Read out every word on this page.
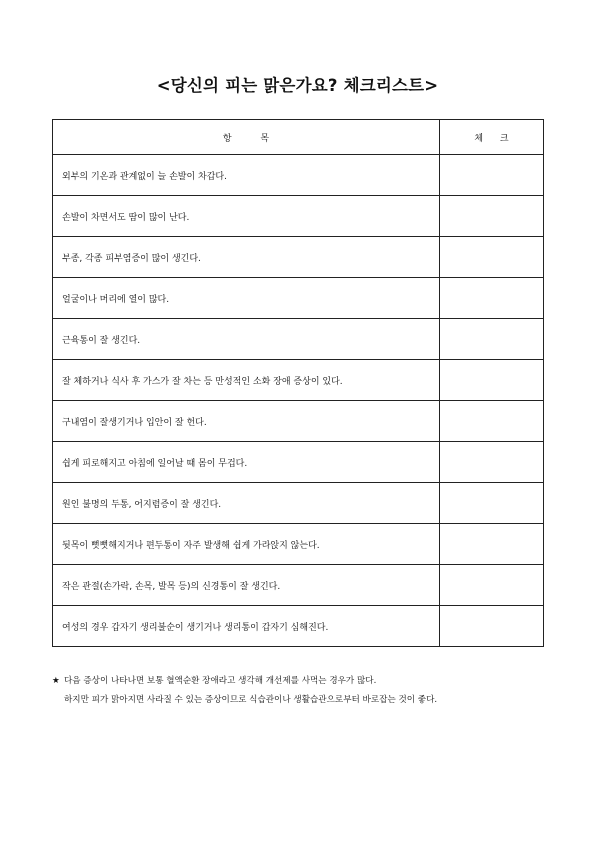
<당신의 피는 맑은가요? 체크리스트>
항 목	체 크
외부의 기온과 관계없이 늘 손발이 차갑다.	
손발이 차면서도 땀이 많이 난다.	
부종, 각종 피부염증이 많이 생긴다.	
얼굴이나 머리에 열이 많다.	
근육통이 잘 생긴다.	
잘 체하거나 식사 후 가스가 잘 차는 등 만성적인 소화 장애 증상이 있다.	
구내염이 잘생기거나 입안이 잘 헌다.	
쉽게 피로해지고 아침에 일어날 때 몸이 무겁다.	
원인 불명의 두통, 어지럼증이 잘 생긴다.	
뒷목이 뻣뻣해지거나 편두통이 자주 발생해 쉽게 가라앉지 않는다.	
작은 관절(손가락, 손목, 발목 등)의 신경통이 잘 생긴다.	
여성의 경우 갑자기 생리불순이 생기거나 생리통이 갑자기 심해진다.	
★ 다음 증상이 나타나면 보통 혈액순환 장애라고 생각해 개선제를 사먹는 경우가 많다.
하지만 피가 맑아지면 사라질 수 있는 증상이므로 식습관이나 생활습관으로부터 바로잡는 것이 좋다.
